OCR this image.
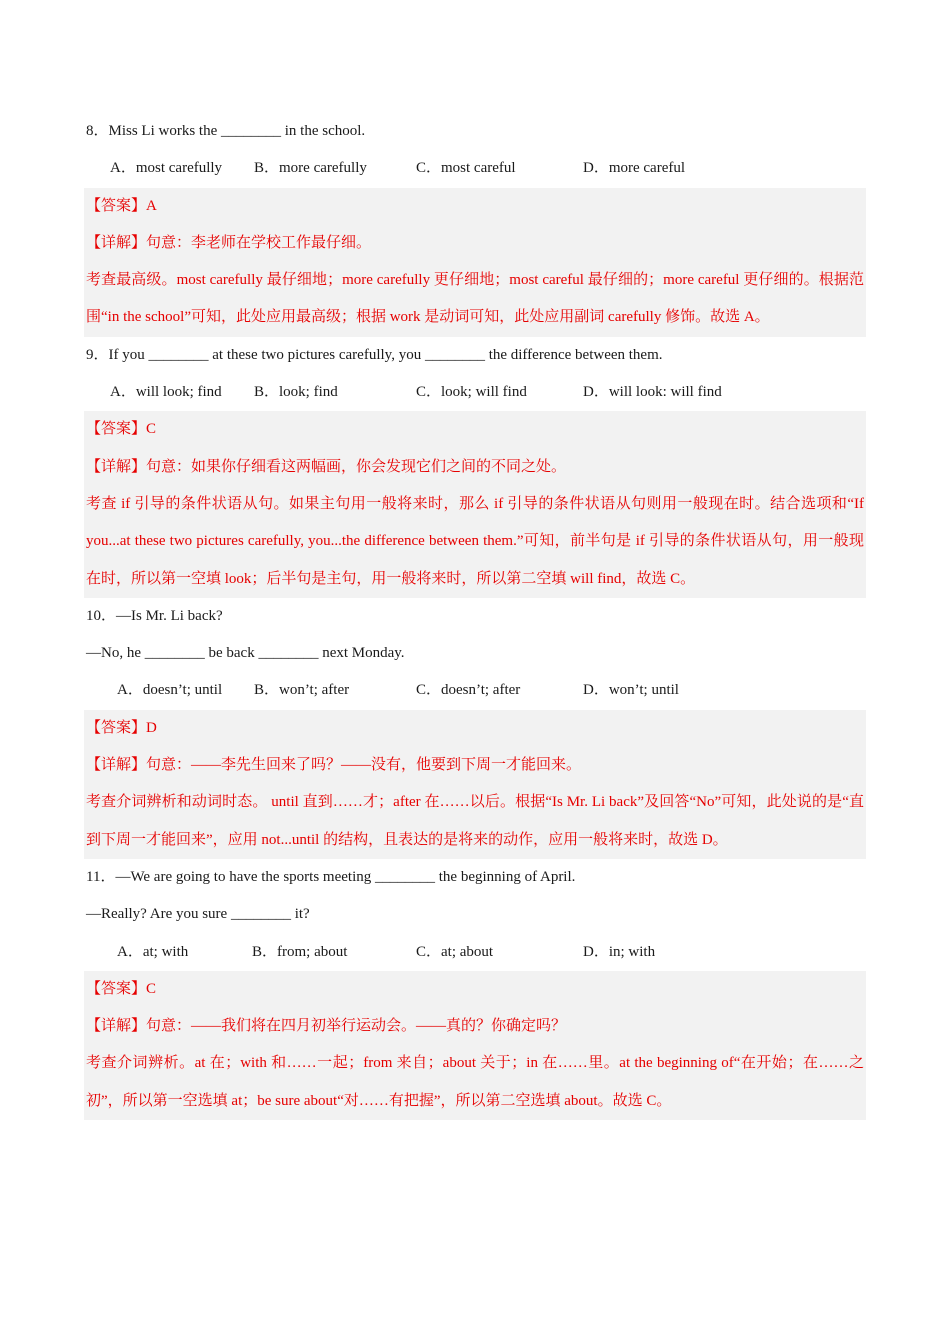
8．Miss Li works the ________ in the school.
A．most carefully B．more carefully	C．most careful	D．more careful
【答案】A
【详解】句意：李老师在学校工作最仔细。
考查最高级。most carefully 最仔细地；more carefully 更仔细地；most careful 最仔细的；more careful 更仔细的。根据范围“in the school”可知，此处应用最高级；根据 work 是动词可知，此处应用副词 carefully 修饰。故选 A。
9．If you ________ at these two pictures carefully, you ________ the difference between them.
A．will look; find B．look; find	C．look; will find	D．will look: will find
【答案】C
【详解】句意：如果你仔细看这两幅画，你会发现它们之间的不同之处。
考查 if 引导的条件状语从句。如果主句用一般将来时，那么 if 引导的条件状语从句则用一般现在时。结合选项和“If you...at these two pictures carefully, you...the difference between them.”可知，前半句是 if 引导的条件状语从句，用一般现在时，所以第一空填 look；后半句是主句，用一般将来时，所以第二空填 will find，故选 C。
10．—Is Mr. Li back?
—No, he ________ be back ________ next Monday.
A．doesn’t; until B．won’t; after	C．doesn’t; after	D．won’t; until
【答案】D
【详解】句意：——李先生回来了吗？——没有，他要到下周一才能回来。
考查介词辨析和动词时态。 until 直到……才；after 在……以后。根据“Is Mr. Li back”及回答“No”可知，此处说的是“直到下周一才能回来”，应用 not...until 的结构，且表达的是将来的动作，应用一般将来时，故选 D。
11．—We are going to have the sports meeting ________ the beginning of April.
—Really? Are you sure ________ it?
A．at; with	B．from; about	C．at; about	D．in; with
【答案】C
【详解】句意：——我们将在四月初举行运动会。——真的？你确定吗？
考查介词辨析。at 在；with 和……一起；from 来自；about 关于；in 在……里。at the beginning of“在开始；在……之初”，所以第一空选填 at；be sure about“对……有把握”，所以第二空选填 about。故选 C。
